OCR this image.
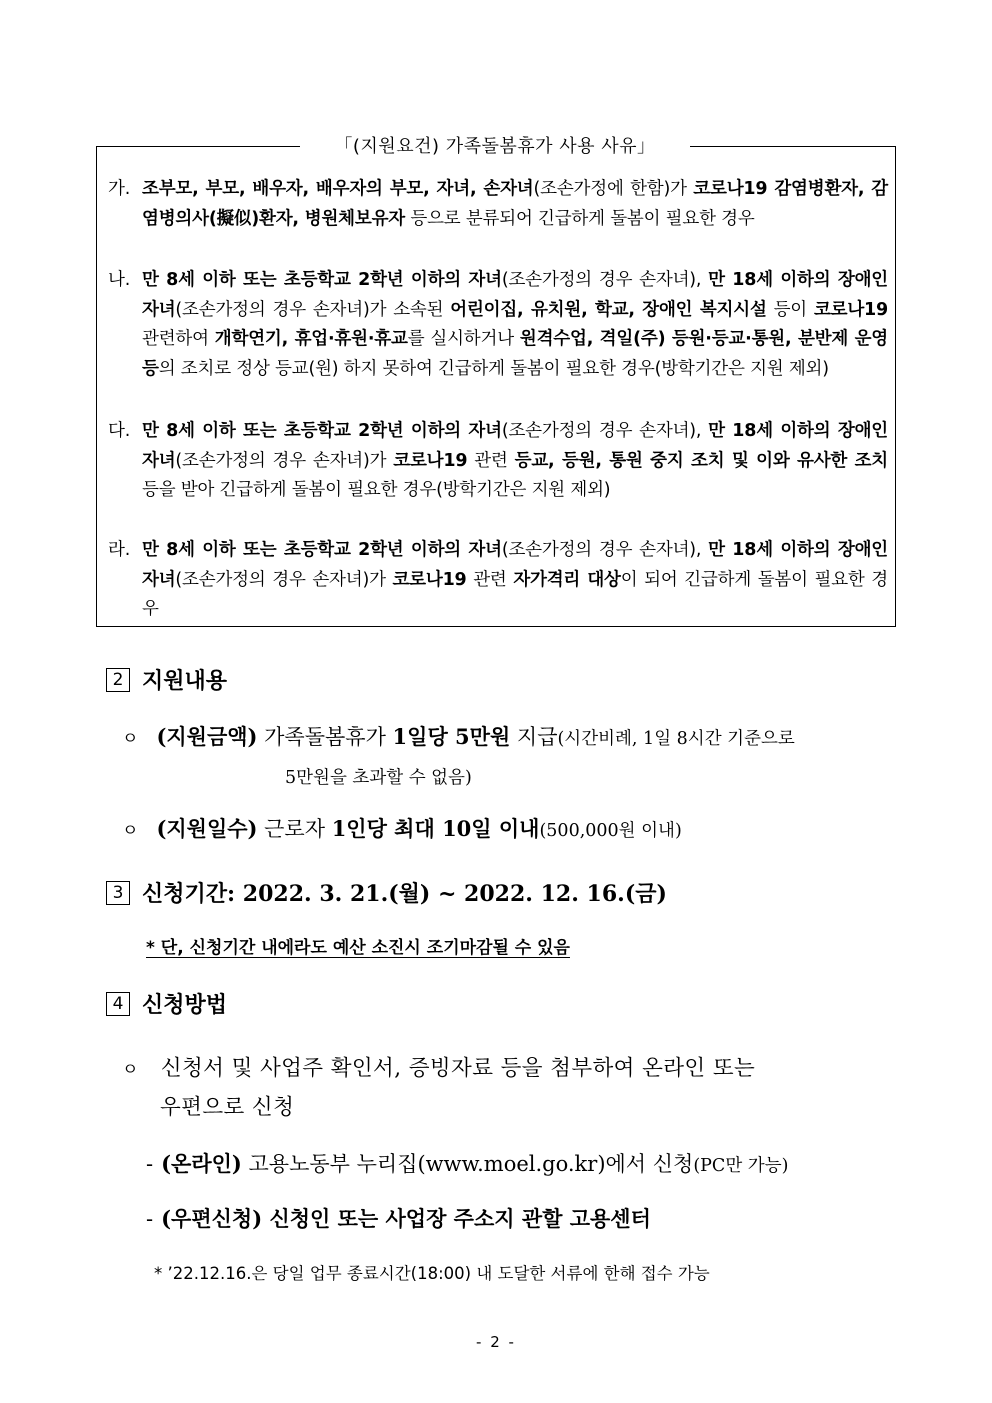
「(지원요건) 가족돌봄휴가 사용 사유」
가. 조부모, 부모, 배우자, 배우자의 부모, 자녀, 손자녀(조손가정에 한함)가 코로나19 감염병환자, 감염병의사(擬似)환자, 병원체보유자 등으로 분류되어 긴급하게 돌봄이 필요한 경우
나. 만 8세 이하 또는 초등학교 2학년 이하의 자녀(조손가정의 경우 손자녀), 만 18세 이하의 장애인 자녀(조손가정의 경우 손자녀)가 소속된 어린이집, 유치원, 학교, 장애인 복지시설 등이 코로나19 관련하여 개학연기, 휴업·휴원·휴교를 실시하거나 원격수업, 격일(주) 등원·등교·통원, 분반제 운영 등의 조치로 정상 등교(원) 하지 못하여 긴급하게 돌봄이 필요한 경우(방학기간은 지원 제외)
다. 만 8세 이하 또는 초등학교 2학년 이하의 자녀(조손가정의 경우 손자녀), 만 18세 이하의 장애인 자녀(조손가정의 경우 손자녀)가 코로나19 관련 등교, 등원, 통원 중지 조치 및 이와 유사한 조치 등을 받아 긴급하게 돌봄이 필요한 경우(방학기간은 지원 제외)
라. 만 8세 이하 또는 초등학교 2학년 이하의 자녀(조손가정의 경우 손자녀), 만 18세 이하의 장애인 자녀(조손가정의 경우 손자녀)가 코로나19 관련 자가격리 대상이 되어 긴급하게 돌봄이 필요한 경우
2 지원내용
ㅇ (지원금액) 가족돌봄휴가 1일당 5만원 지급(시간비례, 1일 8시간 기준으로
5만원을 초과할 수 없음)
ㅇ (지원일수) 근로자 1인당 최대 10일 이내(500,000원 이내)
3 신청기간: 2022. 3. 21.(월) ~ 2022. 12. 16.(금)
* 단, 신청기간 내에라도 예산 소진시 조기마감될 수 있음
4 신청방법
ㅇ 신청서 및 사업주 확인서, 증빙자료 등을 첨부하여 온라인 또는
우편으로 신청
- (온라인) 고용노동부 누리집(www.moel.go.kr)에서 신청(PC만 가능)
- (우편신청) 신청인 또는 사업장 주소지 관할 고용센터
* ’22.12.16.은 당일 업무 종료시간(18:00) 내 도달한 서류에 한해 접수 가능
- 2 -
